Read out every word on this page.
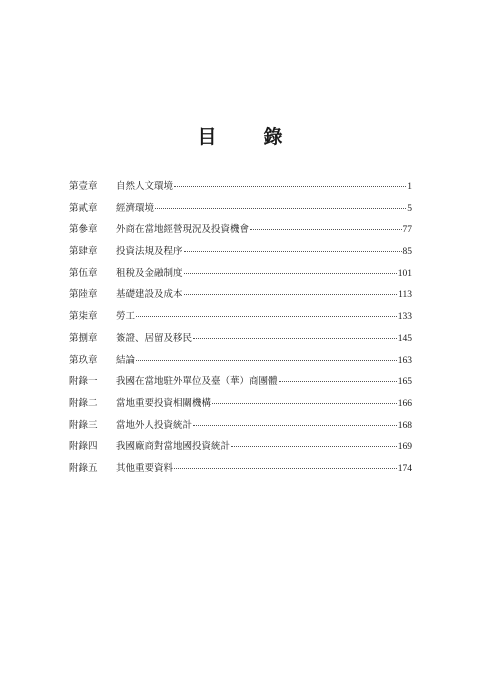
目　錄
第壹章	自然人文環境	1
第貳章	經濟環境	5
第參章	外商在當地經營現況及投資機會	77
第肆章	投資法規及程序	85
第伍章	租稅及金融制度	101
第陸章	基礎建設及成本	113
第柒章	勞工	133
第捌章	簽證、居留及移民	145
第玖章	結論	163
附錄一	我國在當地駐外單位及臺（華）商團體	165
附錄二	當地重要投資相關機構	166
附錄三	當地外人投資統計	168
附錄四	我國廠商對當地國投資統計	169
附錄五	其他重要資料	174
